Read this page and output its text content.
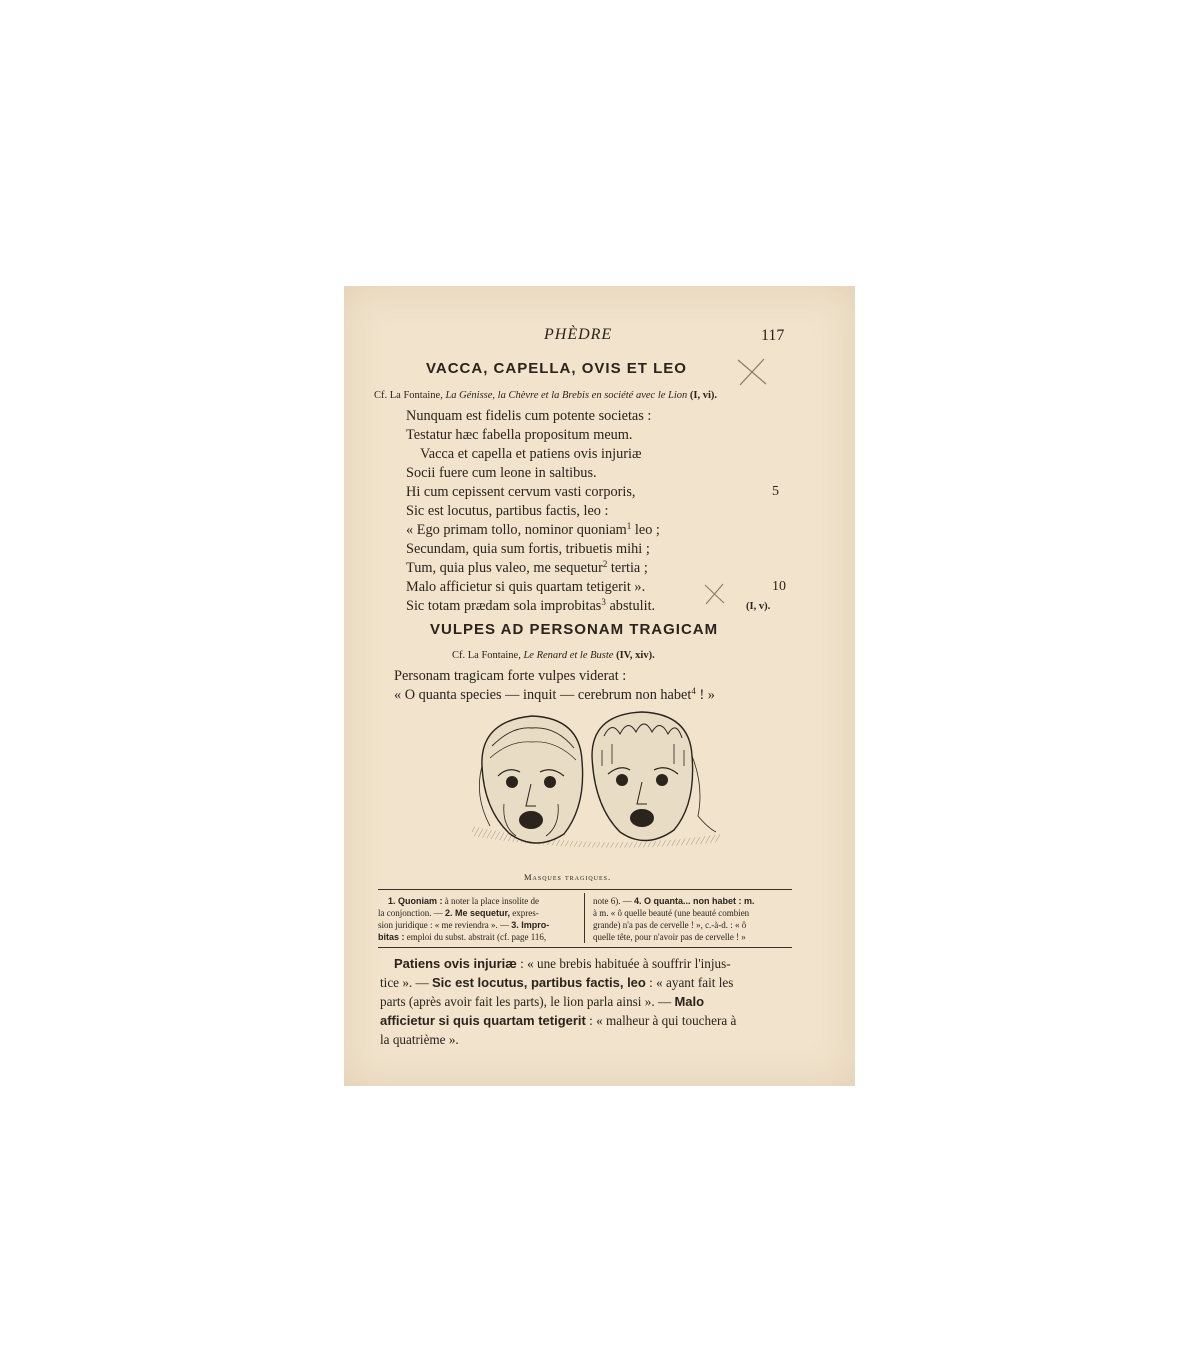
PHÈDRE	117

VACCA, CAPELLA, OVIS ET LEO

Cf. La Fontaine, La Génisse, la Chèvre et la Brebis en société avec le Lion (I, vi).

Nunquam est fidelis cum potente societas :
Testatur hæc fabella propositum meum.
Vacca et capella et patiens ovis injuriæ
Socii fuere cum leone in saltibus.
Hi cum cepissent cervum vasti corporis,
Sic est locutus, partibus factis, leo :
« Ego primam tollo, nominor quoniam$^1$ leo ;
Secundam, quia sum fortis, tribuetis mihi ;
Tum, quia plus valeo, me sequetur$^2$ tertia ;
Malo afficietur si quis quartam tetigerit ».
Sic totam prædam sola improbitas$^3$ abstulit.
5
10
(I, v).

VULPES AD PERSONAM TRAGICAM

Cf. La Fontaine, Le Renard et le Buste (IV, xiv).

Personam tragicam forte vulpes viderat :
« O quanta species — inquit — cerebrum non habet$^4$ ! »

Masques tragiques.

1. Quoniam : à noter la place insolite de
la conjonction. — 2. Me sequetur, expres-
sion juridique : « me reviendra ». — 3. Impro-
bitas : emploi du subst. abstrait (cf. page 116,
note 6). — 4. O quanta... non habet : m.
à m. « ô quelle beauté (une beauté combien
grande) n'a pas de cervelle ! », c.-à-d. : « ô
quelle tête, pour n'avoir pas de cervelle ! »
Patiens ovis injuriæ : « une brebis habituée à souffrir l'injus-
tice ». — Sic est locutus, partibus factis, leo : « ayant fait les
parts (après avoir fait les parts), le lion parla ainsi ». — Malo
afficietur si quis quartam tetigerit : « malheur à qui touchera à
la quatrième ».
